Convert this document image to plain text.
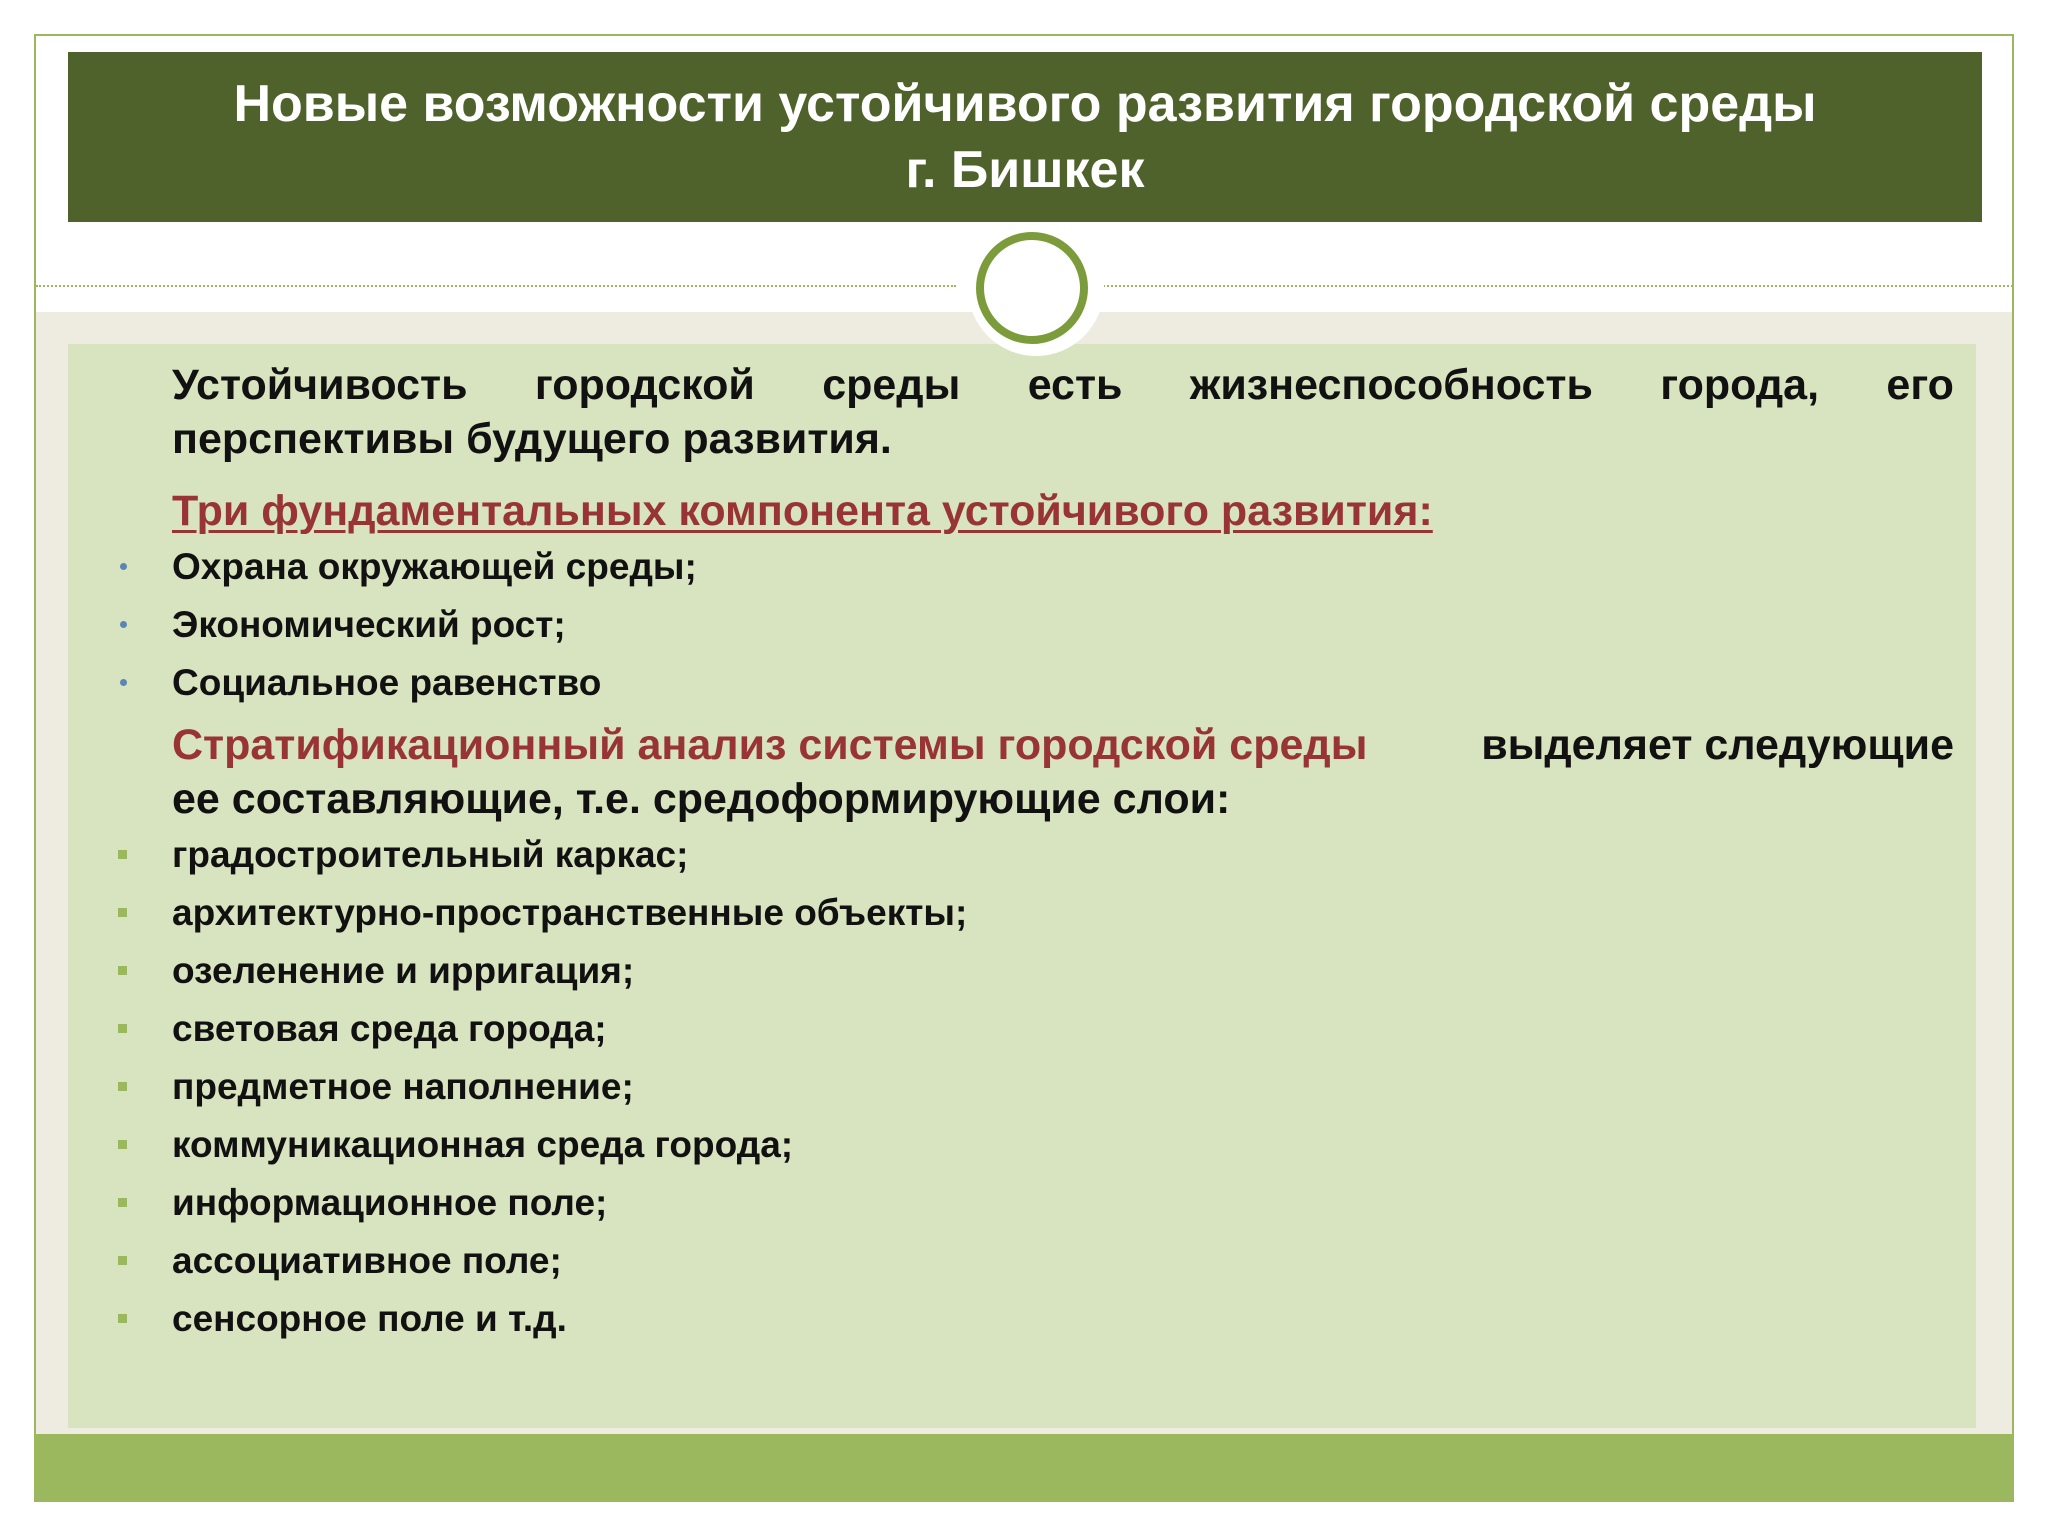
Новые возможности устойчивого развития городской среды
г. Бишкек
Устойчивость городской среды есть жизнеспособность города, его
перспективы будущего развития.
Три фундаментальных компонента устойчивого развития:
Охрана окружающей среды;
Экономический рост;
Социальное равенство
Стратификационный анализ системы городской среды	выделяет следующие
ее составляющие, т.е. средоформирующие слои:
градостроительный каркас;
архитектурно-пространственные объекты;
озеленение и ирригация;
световая среда города;
предметное наполнение;
коммуникационная среда города;
информационное поле;
ассоциативное поле;
сенсорное поле и т.д.
